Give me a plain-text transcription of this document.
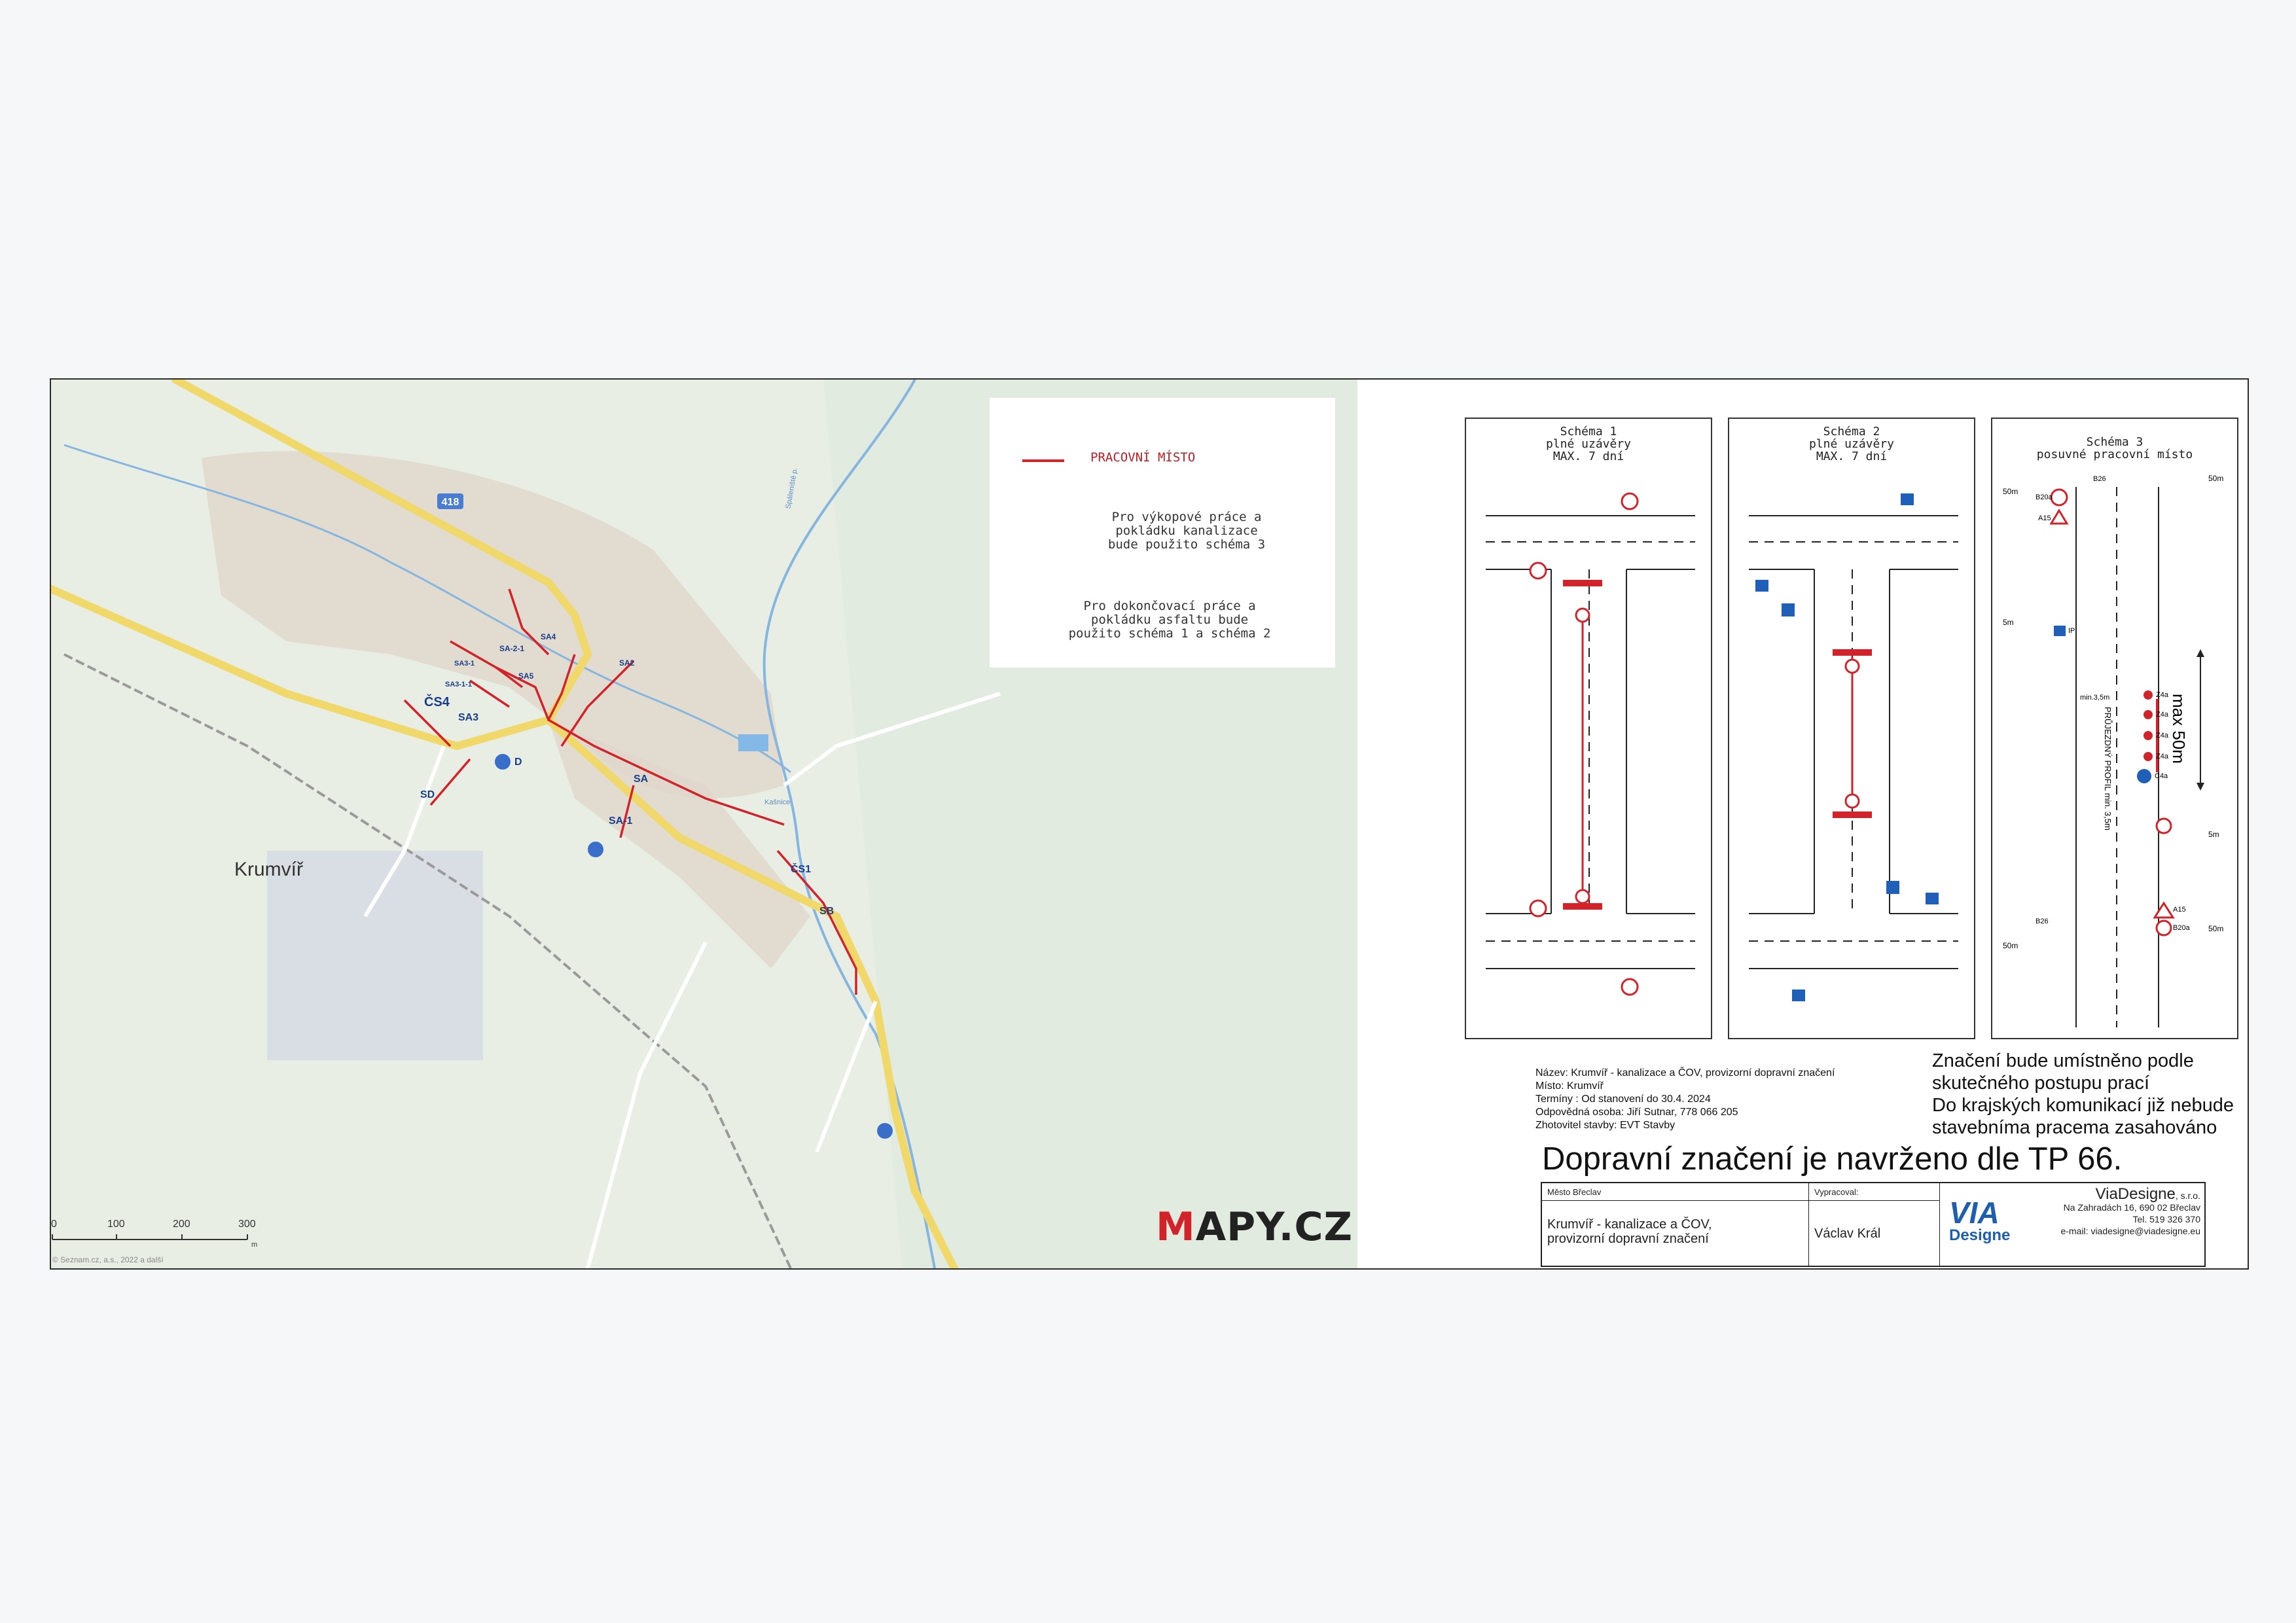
418
SA4
SA-2-1
SA5
SA2
SA3-1
SA3-1-1
ČS4
SA3
SD
SA
SA-1
ČS1
SB
D
Spáleniště p.
Kašnice
Krumvíř
PRACOVNÍ MÍSTO
Pro výkopové práce a
pokládku kanalizace
bude použito schéma 3
Pro dokončovací práce a
pokládku asfaltu bude
použito schéma 1 a schéma 2
0	100	200	300
m
© Seznam.cz, a.s., 2022 a další
MAPY.CZ
Schéma 1
plné uzávěry
MAX. 7 dní
Schéma 2
plné uzávěry
MAX. 7 dní
Schéma 3
posuvné pracovní místo
max 50m
PRŮJEZDNÝ PROFIL min. 3,5m
min.3,5m
50m
50m
50m
50m
5m
5m
B26
B26
B20a
B20a
A15
A15
Z4a
Z4a
Z4a
Z4a
C4a
IP
Název: Krumvíř - kanalizace a ČOV, provizorní dopravní značení
Místo: Krumvíř
Termíny : Od stanovení do 30.4. 2024
Odpovědná osoba: Jiří Sutnar, 778 066 205
Zhotovitel stavby: EVT Stavby
Značení bude umístněno podle
skutečného postupu prací
Do krajských komunikací již nebude
stavebníma pracema zasahováno
Dopravní značení je navrženo dle TP 66.
Město Břeclav
Krumvíř - kanalizace a ČOV,
provizorní dopravní značení
Vypracoval:
Václav Král
VIA
Designe
ViaDesigne, s.r.o.
Na Zahradách 16, 690 02 Břeclav
Tel. 519 326 370
e-mail: viadesigne@viadesigne.eu
